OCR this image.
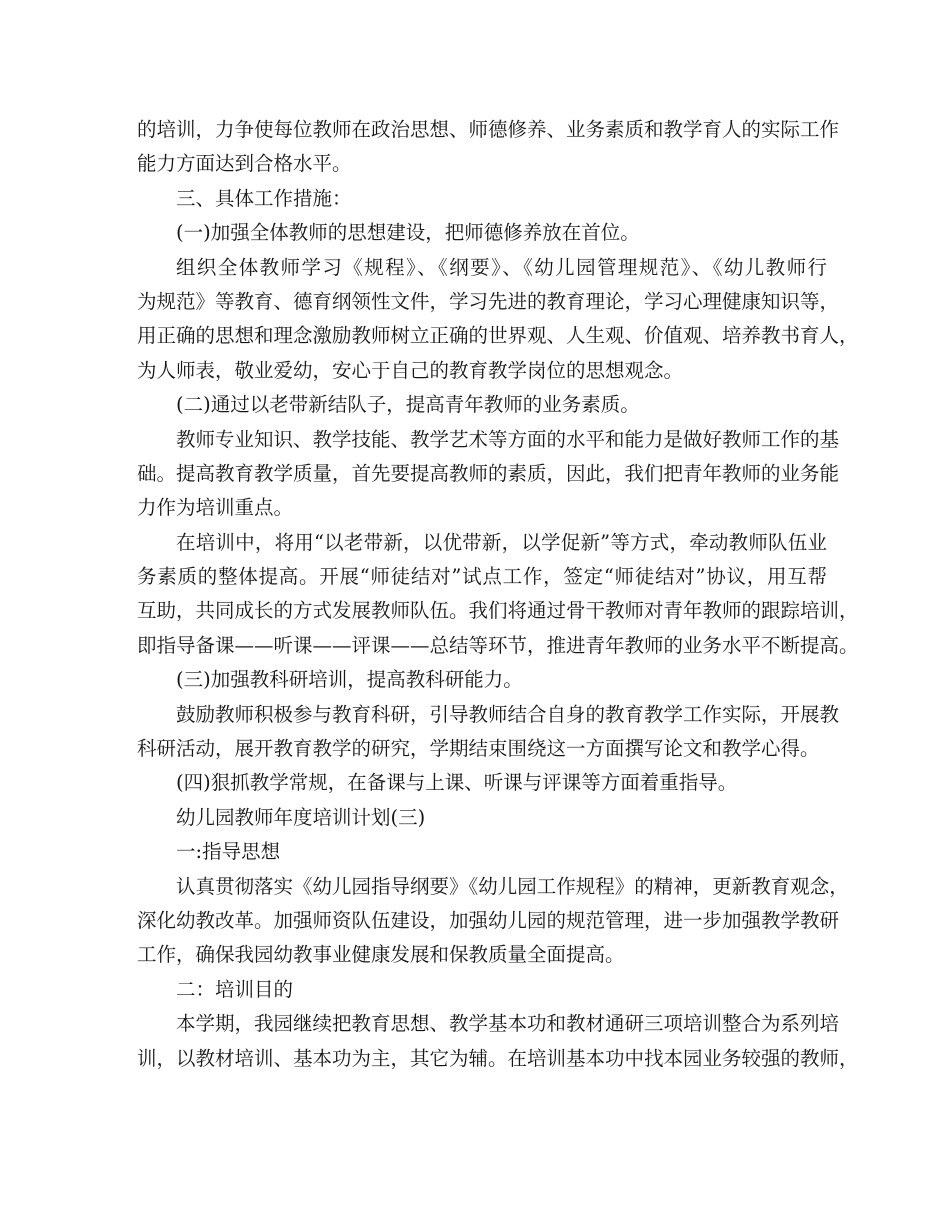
的培训，力争使每位教师在政治思想、师德修养、业务素质和教学育人的实际工作
能力方面达到合格水平。
三、具体工作措施：
(一)加强全体教师的思想建设，把师德修养放在首位。
组织全体教师学习《规程》、《纲要》、《幼儿园管理规范》、《幼儿教师行
为规范》等教育、德育纲领性文件，学习先进的教育理论，学习心理健康知识等，
用正确的思想和理念激励教师树立正确的世界观、人生观、价值观、培养教书育人，
为人师表，敬业爱幼，安心于自己的教育教学岗位的思想观念。
(二)通过以老带新结队子，提高青年教师的业务素质。
教师专业知识、教学技能、教学艺术等方面的水平和能力是做好教师工作的基
础。提高教育教学质量，首先要提高教师的素质，因此，我们把青年教师的业务能
力作为培训重点。
在培训中，将用“以老带新，以优带新，以学促新”等方式，牵动教师队伍业
务素质的整体提高。开展“师徒结对”试点工作，签定“师徒结对”协议，用互帮
互助，共同成长的方式发展教师队伍。我们将通过骨干教师对青年教师的跟踪培训，
即指导备课——听课——评课——总结等环节，推进青年教师的业务水平不断提高。
(三)加强教科研培训，提高教科研能力。
鼓励教师积极参与教育科研，引导教师结合自身的教育教学工作实际，开展教
科研活动，展开教育教学的研究，学期结束围绕这一方面撰写论文和教学心得。
(四)狠抓教学常规，在备课与上课、听课与评课等方面着重指导。
幼儿园教师年度培训计划(三)
一:指导思想
认真贯彻落实《幼儿园指导纲要》《幼儿园工作规程》的精神，更新教育观念，
深化幼教改革。加强师资队伍建设，加强幼儿园的规范管理，进一步加强教学教研
工作，确保我园幼教事业健康发展和保教质量全面提高。
二：培训目的
本学期，我园继续把教育思想、教学基本功和教材通研三项培训整合为系列培
训，以教材培训、基本功为主，其它为辅。在培训基本功中找本园业务较强的教师，
